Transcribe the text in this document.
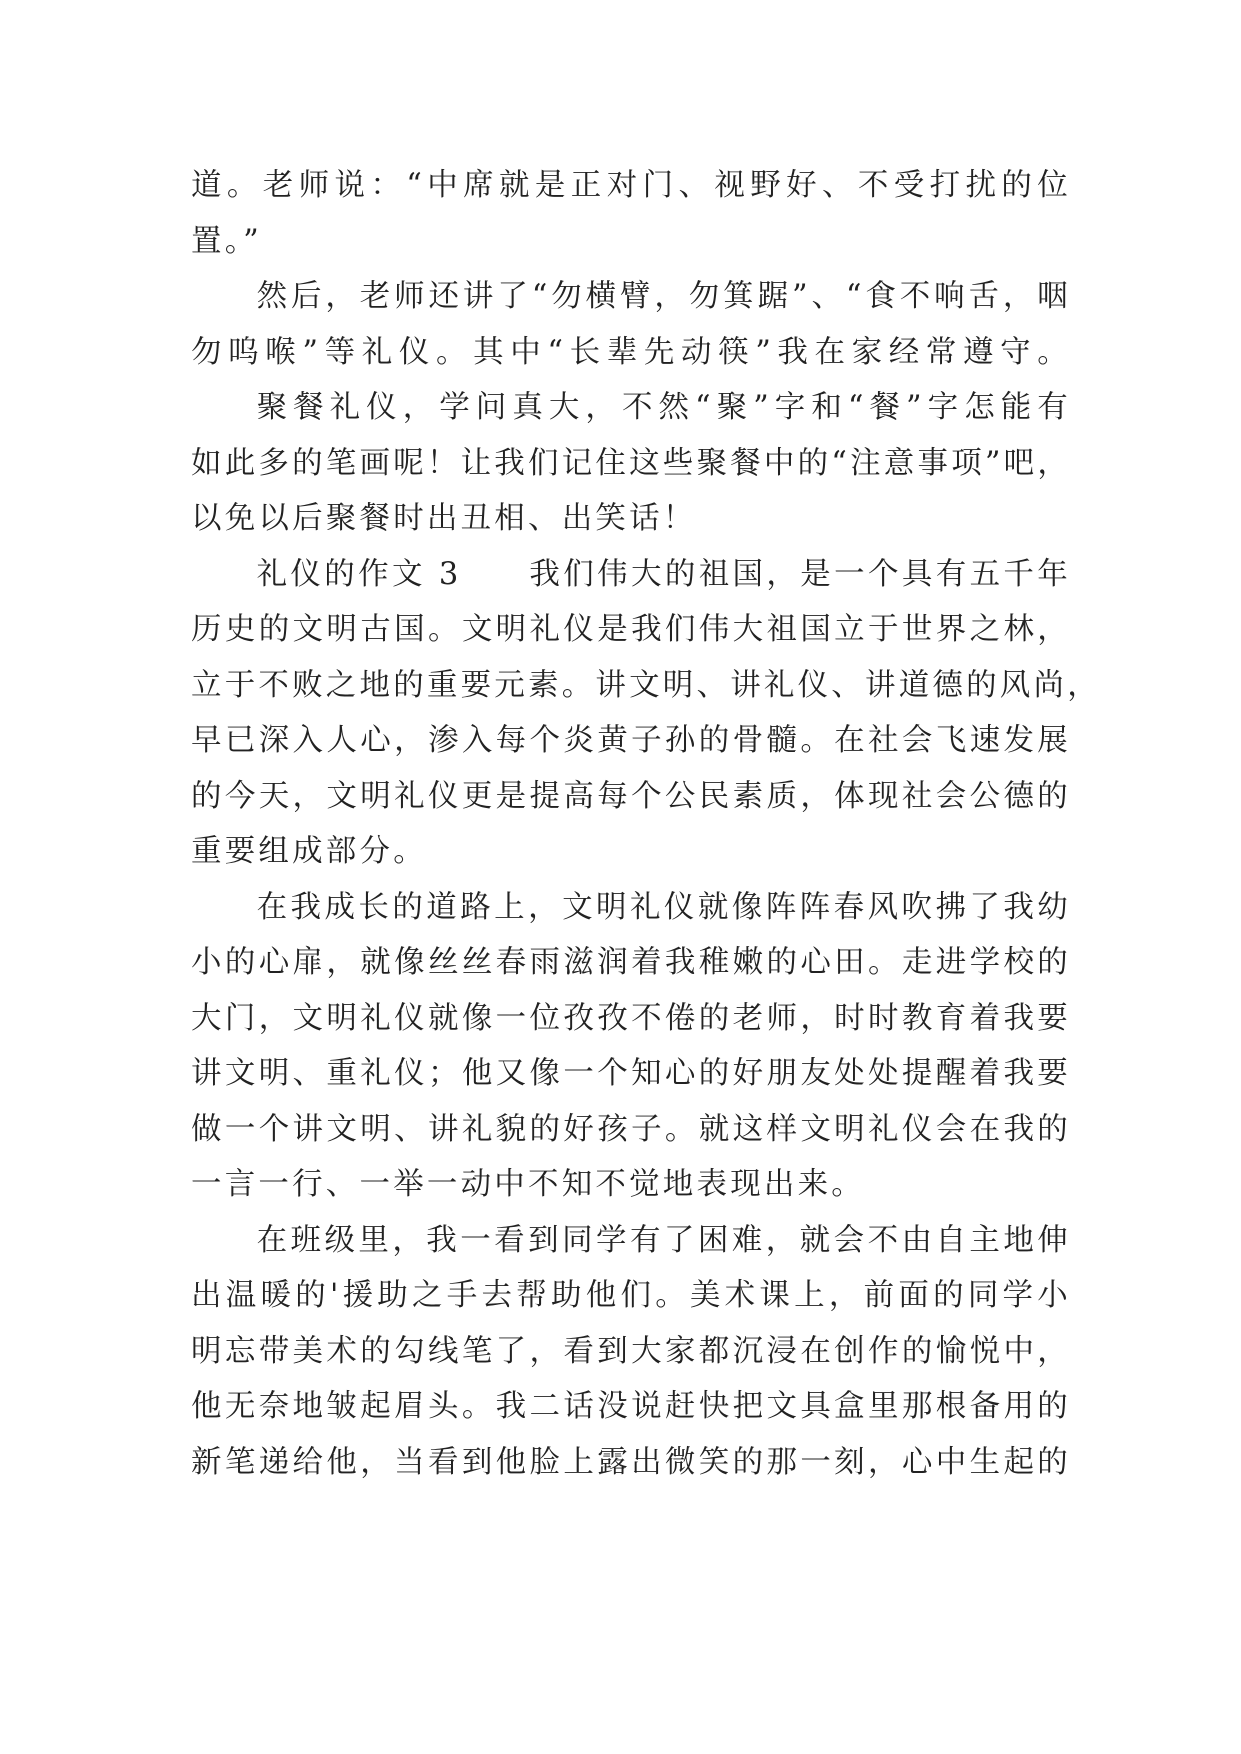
道。老师说：“中席就是正对门、视野好、不受打扰的位
置。”

然后，老师还讲了“勿横臂，勿箕踞”、“食不响舌，咽
勿呜喉”等礼仪。其中“长辈先动筷”我在家经常遵守。

聚餐礼仪，学问真大，不然“聚”字和“餐”字怎能有
如此多的笔画呢！让我们记住这些聚餐中的“注意事项”吧，
以免以后聚餐时出丑相、出笑话！

礼仪的作文 3　　我们伟大的祖国，是一个具有五千年
历史的文明古国。文明礼仪是我们伟大祖国立于世界之林，
立于不败之地的重要元素。讲文明、讲礼仪、讲道德的风尚，
早已深入人心，渗入每个炎黄子孙的骨髓。在社会飞速发展
的今天，文明礼仪更是提高每个公民素质，体现社会公德的
重要组成部分。

在我成长的道路上，文明礼仪就像阵阵春风吹拂了我幼
小的心扉，就像丝丝春雨滋润着我稚嫩的心田。走进学校的
大门，文明礼仪就像一位孜孜不倦的老师，时时教育着我要
讲文明、重礼仪；他又像一个知心的好朋友处处提醒着我要
做一个讲文明、讲礼貌的好孩子。就这样文明礼仪会在我的
一言一行、一举一动中不知不觉地表现出来。

在班级里，我一看到同学有了困难，就会不由自主地伸
出温暖的'援助之手去帮助他们。美术课上，前面的同学小
明忘带美术的勾线笔了，看到大家都沉浸在创作的愉悦中，
他无奈地皱起眉头。我二话没说赶快把文具盒里那根备用的
新笔递给他，当看到他脸上露出微笑的那一刻，心中生起的
